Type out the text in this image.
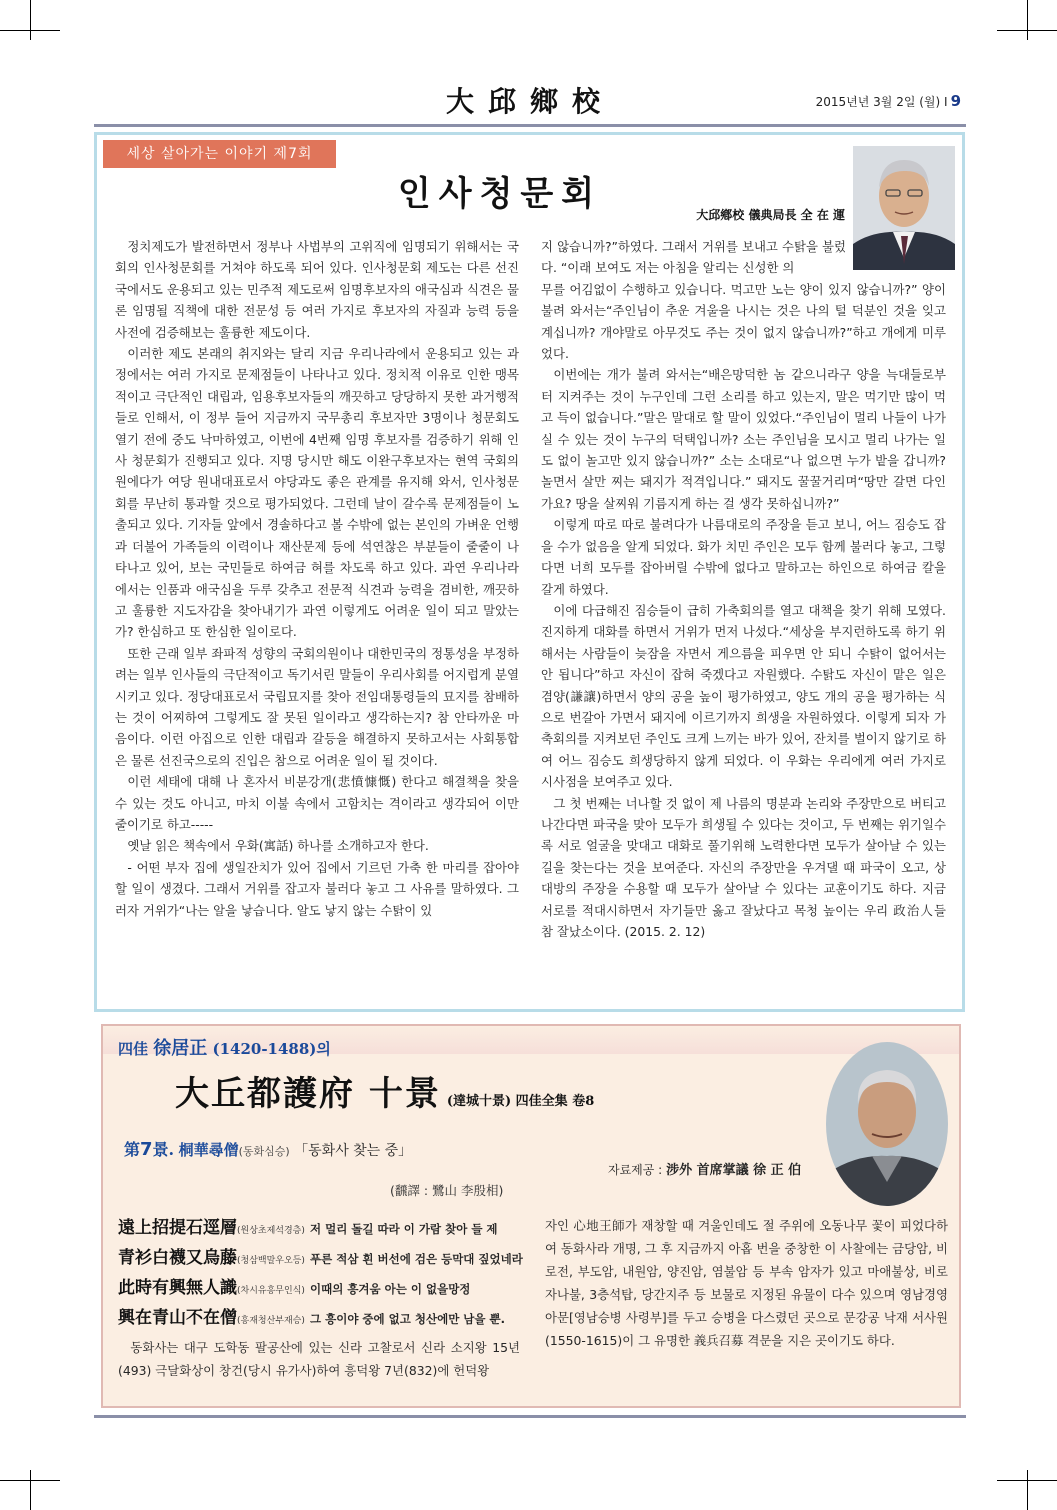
大邱鄉校	2015년년 3월 2일 (월) I 9
세상 살아가는 이야기 제7회
인사청문회
大邱鄕校 儀典局長 全 在 運

정치제도가 발전하면서 정부나 사법부의 고위직에 임명되기 위해서는 국회의 인사청문회를 거쳐야 하도록 되어 있다. 인사청문회 제도는 다른 선진국에서도 운용되고 있는 민주적 제도로써 임명후보자의 애국심과 식견은 물론 임명될 직책에 대한 전문성 등 여러 가지로 후보자의 자질과 능력 등을 사전에 검증해보는 훌륭한 제도이다.

이러한 제도 본래의 취지와는 달리 지금 우리나라에서 운용되고 있는 과정에서는 여러 가지로 문제점들이 나타나고 있다. 정치적 이유로 인한 맹목적이고 극단적인 대립과, 임용후보자들의 깨끗하고 당당하지 못한 과거행적들로 인해서, 이 정부 들어 지금까지 국무총리 후보자만 3명이나 청문회도 열기 전에 중도 낙마하였고, 이번에 4번째 임명 후보자를 검증하기 위해 인사 청문회가 진행되고 있다. 지명 당시만 해도 이완구후보자는 현역 국회의원에다가 여당 원내대표로서 야당과도 좋은 관계를 유지해 와서, 인사청문회를 무난히 통과할 것으로 평가되었다. 그런데 날이 갈수록 문제점들이 노출되고 있다. 기자들 앞에서 경솔하다고 볼 수밖에 없는 본인의 가벼운 언행과 더불어 가족들의 이력이나 재산문제 등에 석연찮은 부분들이 줄줄이 나타나고 있어, 보는 국민들로 하여금 혀를 차도록 하고 있다. 과연 우리나라에서는 인품과 애국심을 두루 갖추고 전문적 식견과 능력을 겸비한, 깨끗하고 훌륭한 지도자감을 찾아내기가 과연 이렇게도 어려운 일이 되고 말았는가? 한심하고 또 한심한 일이로다.

또한 근래 일부 좌파적 성향의 국회의원이나 대한민국의 정통성을 부정하려는 일부 인사들의 극단적이고 독기서린 말들이 우리사회를 어지럽게 분열시키고 있다. 정당대표로서 국립묘지를 찾아 전임대통령들의 묘지를 참배하는 것이 어찌하여 그렇게도 잘 못된 일이라고 생각하는지? 참 안타까운 마음이다. 이런 아집으로 인한 대립과 갈등을 해결하지 못하고서는 사회통합은 물론 선진국으로의 진입은 참으로 어려운 일이 될 것이다.

이런 세태에 대해 나 혼자서 비분강개(悲憤慷慨) 한다고 해결책을 찾을 수 있는 것도 아니고, 마치 이불 속에서 고함치는 격이라고 생각되어 이만 줄이기로 하고-----

옛날 읽은 책속에서 우화(寓話) 하나를 소개하고자 한다.

- 어떤 부자 집에 생일잔치가 있어 집에서 기르던 가축 한 마리를 잡아야 할 일이 생겼다. 그래서 거위를 잡고자 불러다 놓고 그 사유를 말하였다. 그러자 거위가“나는 알을 낳습니다. 알도 낳지 않는 수탉이 있

지 않습니까?”하였다. 그래서 거위를 보내고 수탉을 불렀다. “이래 보여도 저는 아침을 알리는 신성한 의

무를 어김없이 수행하고 있습니다. 먹고만 노는 양이 있지 않습니까?” 양이 불려 와서는“주인님이 추운 겨울을 나시는 것은 나의 털 덕분인 것을 잊고 계십니까? 개야말로 아무것도 주는 것이 없지 않습니까?”하고 개에게 미루었다.

이번에는 개가 불려 와서는“배은망덕한 놈 같으니라구 양을 늑대들로부터 지켜주는 것이 누구인데 그런 소리를 하고 있는지, 말은 먹기만 많이 먹고 득이 없습니다.”말은 말대로 할 말이 있었다.“주인님이 멀리 나들이 나가실 수 있는 것이 누구의 덕택입니까? 소는 주인님을 모시고 멀리 나가는 일도 없이 놀고만 있지 않습니까?” 소는 소대로“나 없으면 누가 밭을 갑니까? 놀면서 살만 찌는 돼지가 적격입니다.” 돼지도 꿀꿀거리며“땅만 갈면 다인가요? 땅을 살찌워 기름지게 하는 걸 생각 못하십니까?”

이렇게 따로 따로 불려다가 나름대로의 주장을 듣고 보니, 어느 짐승도 잡을 수가 없음을 알게 되었다. 화가 치민 주인은 모두 함께 불러다 놓고, 그렇다면 너희 모두를 잡아버릴 수밖에 없다고 말하고는 하인으로 하여금 칼을 갈게 하였다.

이에 다급해진 짐승들이 급히 가축회의를 열고 대책을 찾기 위해 모였다. 진지하게 대화를 하면서 거위가 먼저 나섰다.“세상을 부지런하도록 하기 위해서는 사람들이 늦잠을 자면서 게으름을 피우면 안 되니 수탉이 없어서는 안 됩니다”하고 자신이 잡혀 죽겠다고 자원했다. 수탉도 자신이 맡은 일은 겸양(謙讓)하면서 양의 공을 높이 평가하였고, 양도 개의 공을 평가하는 식으로 번갈아 가면서 돼지에 이르기까지 희생을 자원하였다. 이렇게 되자 가축회의를 지켜보던 주인도 크게 느끼는 바가 있어, 잔치를 벌이지 않기로 하여 어느 짐승도 희생당하지 않게 되었다. 이 우화는 우리에게 여러 가지로 시사점을 보여주고 있다.

그 첫 번째는 너나할 것 없이 제 나름의 명분과 논리와 주장만으로 버티고 나간다면 파국을 맞아 모두가 희생될 수 있다는 것이고, 두 번째는 위기일수록 서로 얼굴을 맞대고 대화로 풀기위해 노력한다면 모두가 살아날 수 있는 길을 찾는다는 것을 보여준다. 자신의 주장만을 우겨댈 때 파국이 오고, 상대방의 주장을 수용할 때 모두가 살아날 수 있다는 교훈이기도 하다. 지금 서로를 적대시하면서 자기들만 옳고 잘났다고 목청 높이는 우리 政治人들 참 잘났소이다. (2015. 2. 12)

四佳 徐居正 (1420-1488)의
大丘都護府 十景 (達城十景) 四佳全集 卷8
第7景. 桐華尋僧(동화심승) 「동화사 찾는 중」
자료제공 : 涉外 首席掌議 徐 正 伯
(飜譯 : 鷺山 李殷相)
遠上招提石逕層(원상초제석경층) 저 멀리 돌길 따라 이 가람 찾아 들 제
青衫白襪又烏藤(청삼백말우오등) 푸른 적삼 흰 버선에 검은 등막대 짚었네라
此時有興無人識(차시유흥무인식) 이때의 흥겨움 아는 이 없을망정
興在青山不在僧(흥재청산부재승) 그 흥이야 중에 없고 청산에만 남을 뿐.

동화사는 대구 도학동 팔공산에 있는 신라 고찰로서 신라 소지왕 15년(493) 극달화상이 창건(당시 유가사)하여 흥덕왕 7년(832)에 헌덕왕

자인 心地王師가 재창할 때 겨울인데도 절 주위에 오동나무 꽃이 피었다하여 동화사라 개명, 그 후 지금까지 아홉 번을 중창한 이 사찰에는 금당암, 비로전, 부도암, 내원암, 양진암, 염불암 등 부속 암자가 있고 마애불상, 비로자나불, 3층석탑, 당간지주 등 보물로 지정된 유물이 다수 있으며 영남경영아문[영남승병 사령부]를 두고 승병을 다스렸던 곳으로 문강공 낙재 서사원(1550-1615)이 그 유명한 義兵召募 격문을 지은 곳이기도 하다.
